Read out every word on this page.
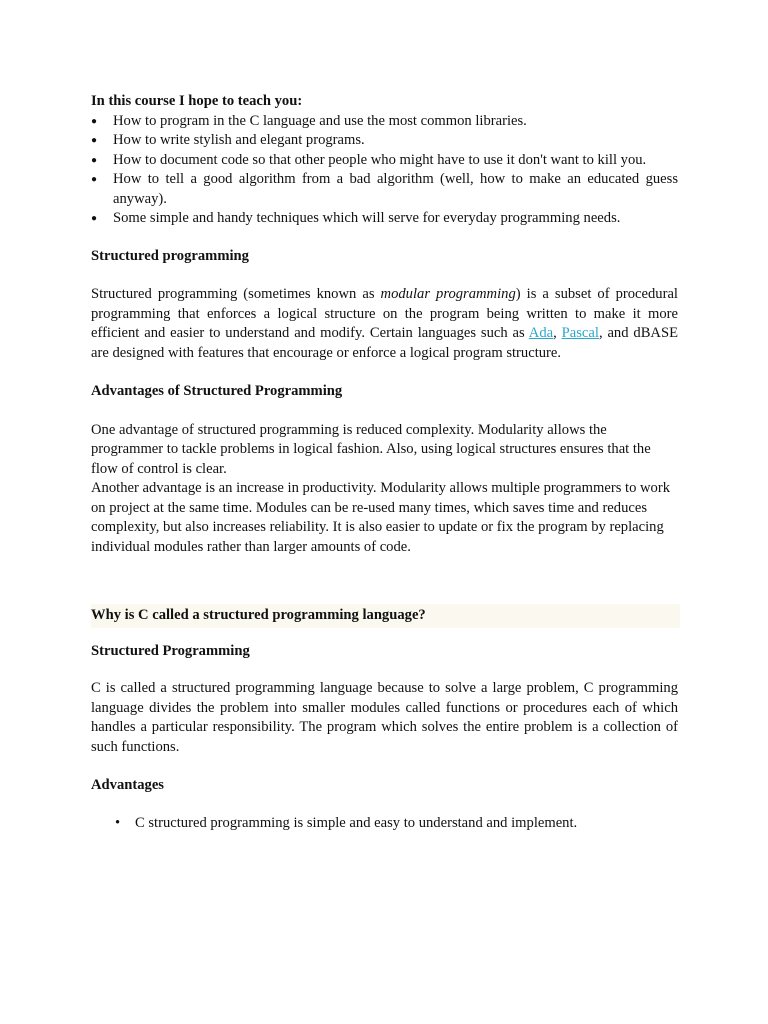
In this course I hope to teach you:

● How to program in the C language and use the most common libraries.
● How to write stylish and elegant programs.
● How to document code so that other people who might have to use it don't want to kill you.
● How to tell a good algorithm from a bad algorithm (well, how to make an educated guess anyway).
● Some simple and handy techniques which will serve for everyday programming needs.

Structured programming

Structured programming (sometimes known as modular programming) is a subset of procedural programming that enforces a logical structure on the program being written to make it more efficient and easier to understand and modify. Certain languages such as Ada, Pascal, and dBASE are designed with features that encourage or enforce a logical program structure.

Advantages of Structured Programming

One advantage of structured programming is reduced complexity. Modularity allows the programmer to tackle problems in logical fashion. Also, using logical structures ensures that the flow of control is clear.

Another advantage is an increase in productivity. Modularity allows multiple programmers to work on project at the same time. Modules can be re-used many times, which saves time and reduces complexity, but also increases reliability. It is also easier to update or fix the program by replacing individual modules rather than larger amounts of code.

Why is C called a structured programming language?

Structured Programming

C is called a structured programming language because to solve a large problem, C programming language divides the problem into smaller modules called functions or procedures each of which handles a particular responsibility. The program which solves the entire problem is a collection of such functions.

Advantages

• C structured programming is simple and easy to understand and implement.
